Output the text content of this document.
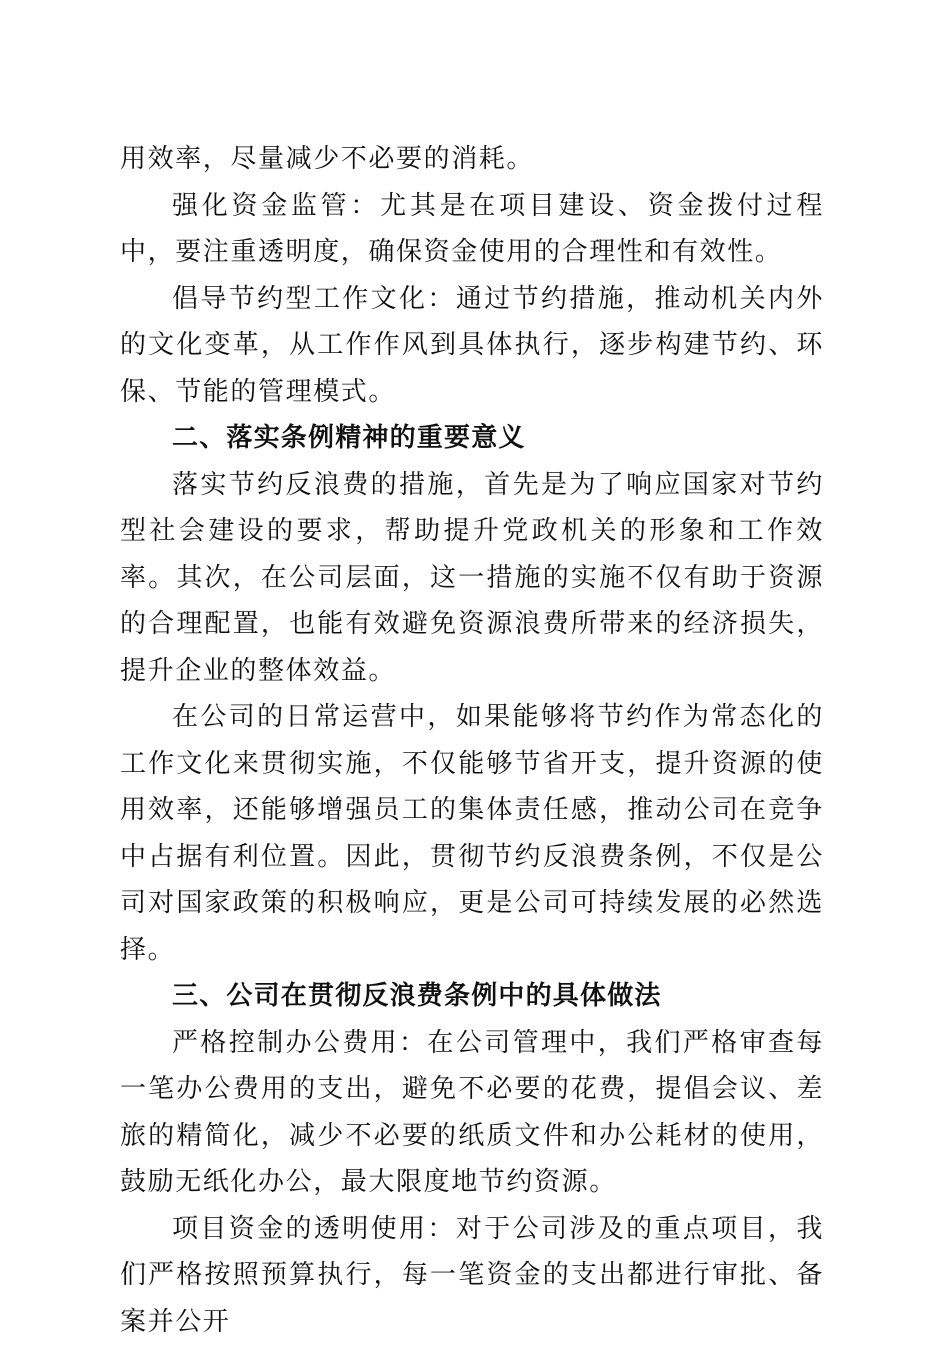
用效率，尽量减少不必要的消耗。

强化资金监管：尤其是在项目建设、资金拨付过程中，要注重透明度，确保资金使用的合理性和有效性。

倡导节约型工作文化：通过节约措施，推动机关内外的文化变革，从工作作风到具体执行，逐步构建节约、环保、节能的管理模式。

二、落实条例精神的重要意义

落实节约反浪费的措施，首先是为了响应国家对节约型社会建设的要求，帮助提升党政机关的形象和工作效率。其次，在公司层面，这一措施的实施不仅有助于资源的合理配置，也能有效避免资源浪费所带来的经济损失，提升企业的整体效益。

在公司的日常运营中，如果能够将节约作为常态化的工作文化来贯彻实施，不仅能够节省开支，提升资源的使用效率，还能够增强员工的集体责任感，推动公司在竞争中占据有利位置。因此，贯彻节约反浪费条例，不仅是公司对国家政策的积极响应，更是公司可持续发展的必然选择。

三、公司在贯彻反浪费条例中的具体做法

严格控制办公费用：在公司管理中，我们严格审查每一笔办公费用的支出，避免不必要的花费，提倡会议、差旅的精简化，减少不必要的纸质文件和办公耗材的使用，鼓励无纸化办公，最大限度地节约资源。

项目资金的透明使用：对于公司涉及的重点项目，我们严格按照预算执行，每一笔资金的支出都进行审批、备案并公开
